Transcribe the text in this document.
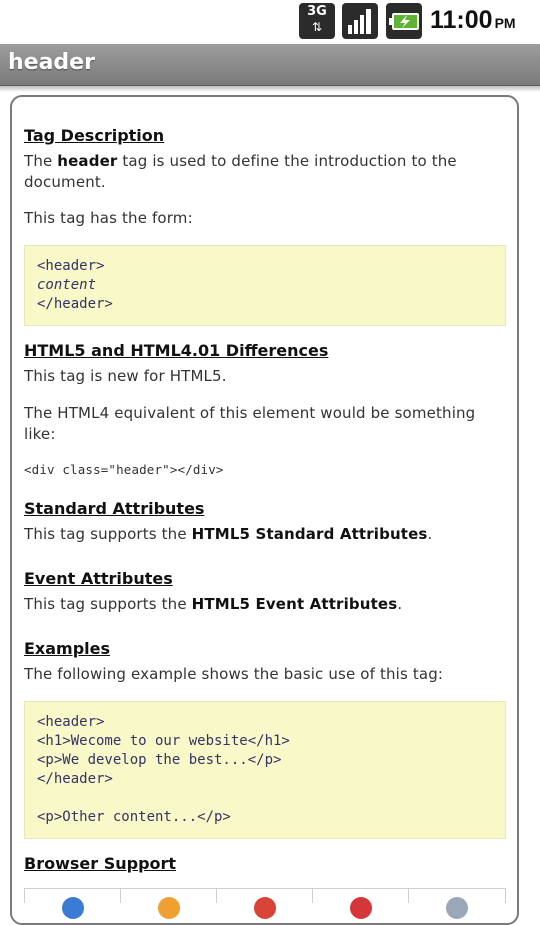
3G
⇅	11:00 PM
header
Tag Description

The header tag is used to define the introduction to the document.

This tag has the form:

<header>
content
</header>
HTML5 and HTML4.01 Differences

This tag is new for HTML5.

The HTML4 equivalent of this element would be something like:

<div class="header"></div>

Standard Attributes

This tag supports the HTML5 Standard Attributes.

Event Attributes

This tag supports the HTML5 Event Attributes.

Examples

The following example shows the basic use of this tag:

<header>
<h1>Wecome to our website</h1>
<p>We develop the best...</p>
</header>

<p>Other content...</p>
Browser Support
